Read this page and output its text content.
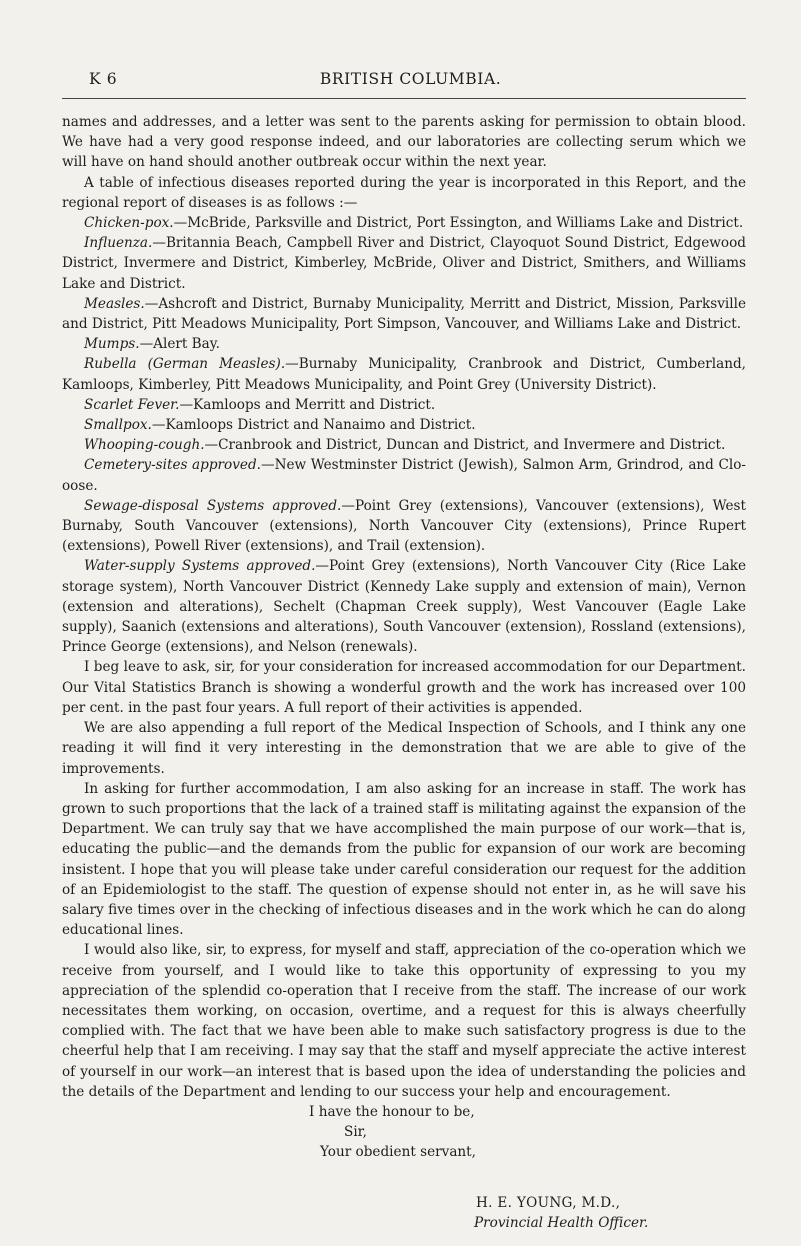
K 6	BRITISH COLUMBIA.

names and addresses, and a letter was sent to the parents asking for permission to obtain blood. We have had a very good response indeed, and our laboratories are collecting serum which we will have on hand should another outbreak occur within the next year.

A table of infectious diseases reported during the year is incorporated in this Report, and the regional report of diseases is as follows :—

Chicken-pox.—McBride, Parksville and District, Port Essington, and Williams Lake and District.

Influenza.—Britannia Beach, Campbell River and District, Clayoquot Sound District, Edgewood District, Invermere and District, Kimberley, McBride, Oliver and District, Smithers, and Williams Lake and District.

Measles.—Ashcroft and District, Burnaby Municipality, Merritt and District, Mission, Parksville and District, Pitt Meadows Municipality, Port Simpson, Vancouver, and Williams Lake and District.

Mumps.—Alert Bay.

Rubella (German Measles).—Burnaby Municipality, Cranbrook and District, Cumberland, Kamloops, Kimberley, Pitt Meadows Municipality, and Point Grey (University District).

Scarlet Fever.—Kamloops and Merritt and District.

Smallpox.—Kamloops District and Nanaimo and District.

Whooping-cough.—Cranbrook and District, Duncan and District, and Invermere and District.

Cemetery-sites approved.—New Westminster District (Jewish), Salmon Arm, Grindrod, and Clo-oose.

Sewage-disposal Systems approved.—Point Grey (extensions), Vancouver (extensions), West Burnaby, South Vancouver (extensions), North Vancouver City (extensions), Prince Rupert (extensions), Powell River (extensions), and Trail (extension).

Water-supply Systems approved.—Point Grey (extensions), North Vancouver City (Rice Lake storage system), North Vancouver District (Kennedy Lake supply and extension of main), Vernon (extension and alterations), Sechelt (Chapman Creek supply), West Vancouver (Eagle Lake supply), Saanich (extensions and alterations), South Vancouver (extension), Rossland (extensions), Prince George (extensions), and Nelson (renewals).

I beg leave to ask, sir, for your consideration for increased accommodation for our Department. Our Vital Statistics Branch is showing a wonderful growth and the work has increased over 100 per cent. in the past four years. A full report of their activities is appended.

We are also appending a full report of the Medical Inspection of Schools, and I think any one reading it will find it very interesting in the demonstration that we are able to give of the improvements.

In asking for further accommodation, I am also asking for an increase in staff. The work has grown to such proportions that the lack of a trained staff is militating against the expansion of the Department. We can truly say that we have accomplished the main purpose of our work—that is, educating the public—and the demands from the public for expansion of our work are becoming insistent. I hope that you will please take under careful consideration our request for the addition of an Epidemiologist to the staff. The question of expense should not enter in, as he will save his salary five times over in the checking of infectious diseases and in the work which he can do along educational lines.

I would also like, sir, to express, for myself and staff, appreciation of the co-operation which we receive from yourself, and I would like to take this opportunity of expressing to you my appreciation of the splendid co-operation that I receive from the staff. The increase of our work necessitates them working, on occasion, overtime, and a request for this is always cheerfully complied with. The fact that we have been able to make such satisfactory progress is due to the cheerful help that I am receiving. I may say that the staff and myself appreciate the active interest of yourself in our work—an interest that is based upon the idea of understanding the policies and the details of the Department and lending to our success your help and encouragement.

I have the honour to be,
Sir,
Your obedient servant,
H. E. YOUNG, M.D.,
Provincial Health Officer.
